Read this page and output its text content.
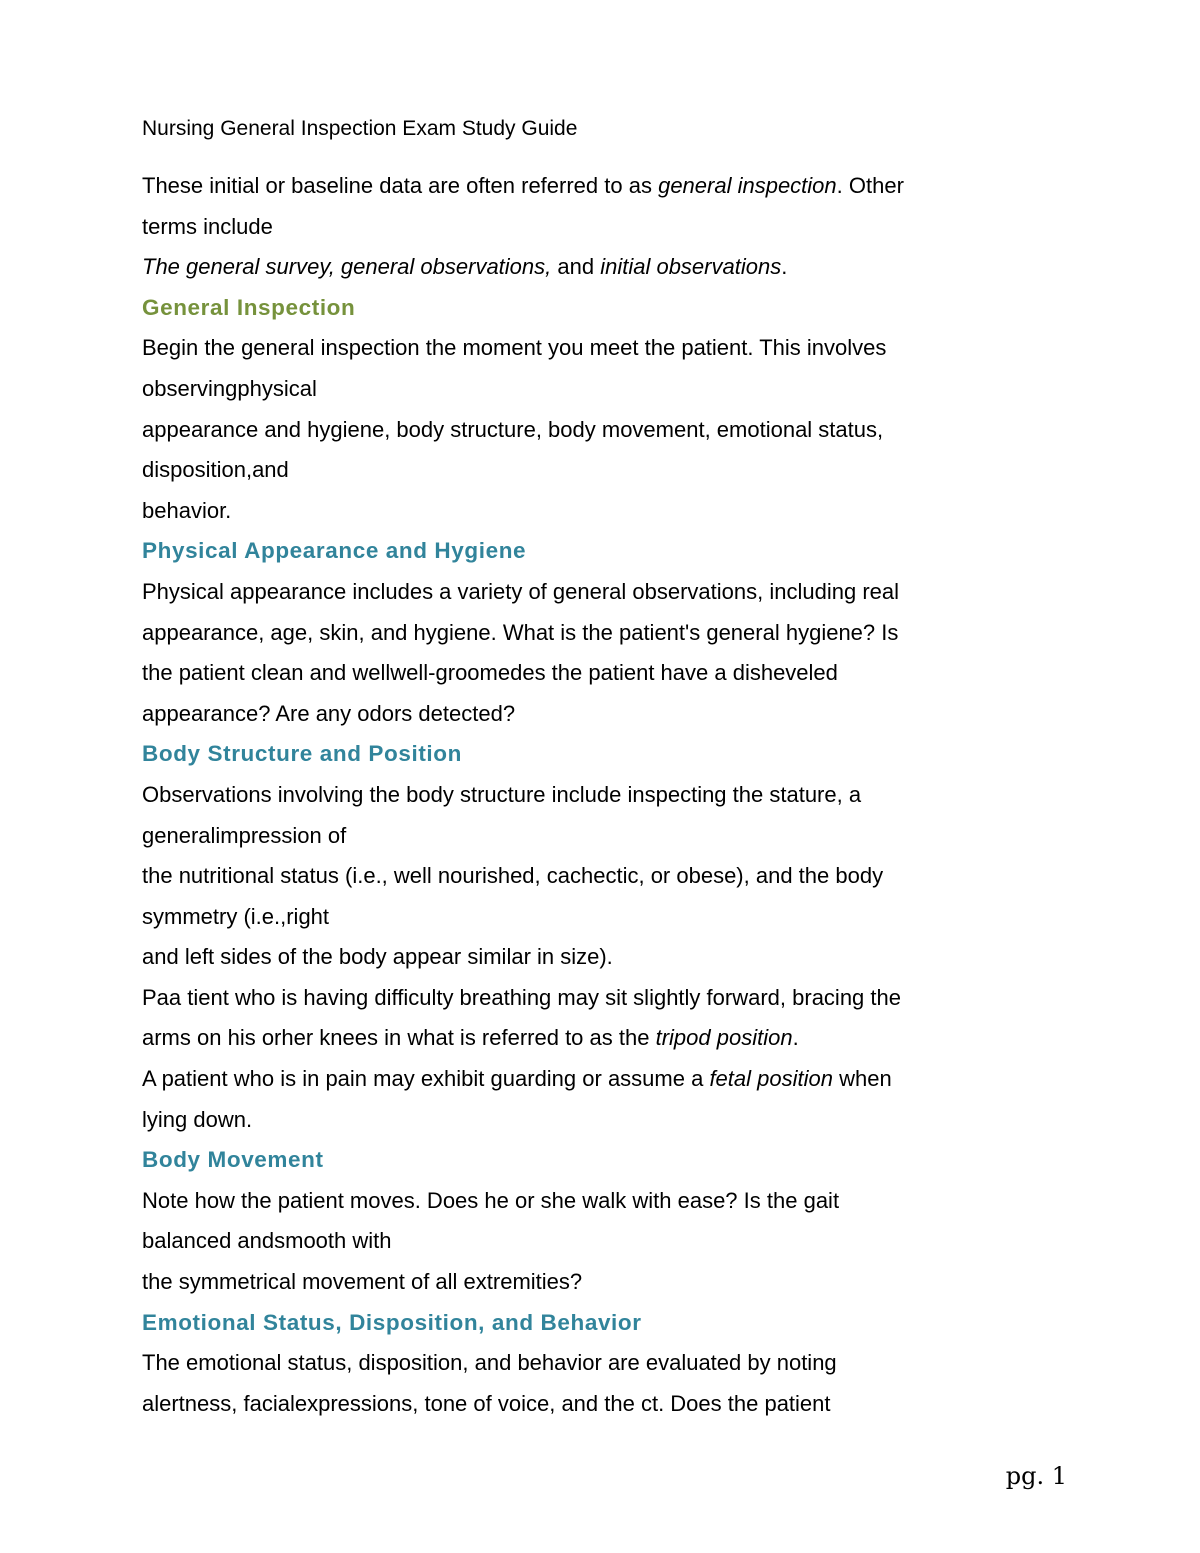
Nursing General Inspection Exam Study Guide

These initial or baseline data are often referred to as general inspection. Other

terms include

The general survey, general observations, and initial observations.

General Inspection

Begin the general inspection the moment you meet the patient. This involves

observingphysical

appearance and hygiene, body structure, body movement, emotional status,

disposition,and

behavior.

Physical Appearance and Hygiene

Physical appearance includes a variety of general observations, including real

appearance, age, skin, and hygiene. What is the patient's general hygiene? Is

the patient clean and wellwell-groomedes the patient have a disheveled

appearance? Are any odors detected?

Body Structure and Position

Observations involving the body structure include inspecting the stature, a

generalimpression of

the nutritional status (i.e., well nourished, cachectic, or obese), and the body

symmetry (i.e.,right

and left sides of the body appear similar in size).

Paa tient who is having difficulty breathing may sit slightly forward, bracing the

arms on his orher knees in what is referred to as the tripod position.

A patient who is in pain may exhibit guarding or assume a fetal position when

lying down.

Body Movement

Note how the patient moves. Does he or she walk with ease? Is the gait

balanced andsmooth with

the symmetrical movement of all extremities?

Emotional Status, Disposition, and Behavior

The emotional status, disposition, and behavior are evaluated by noting

alertness, facialexpressions, tone of voice, and the ct. Does the patient

pg. 1
